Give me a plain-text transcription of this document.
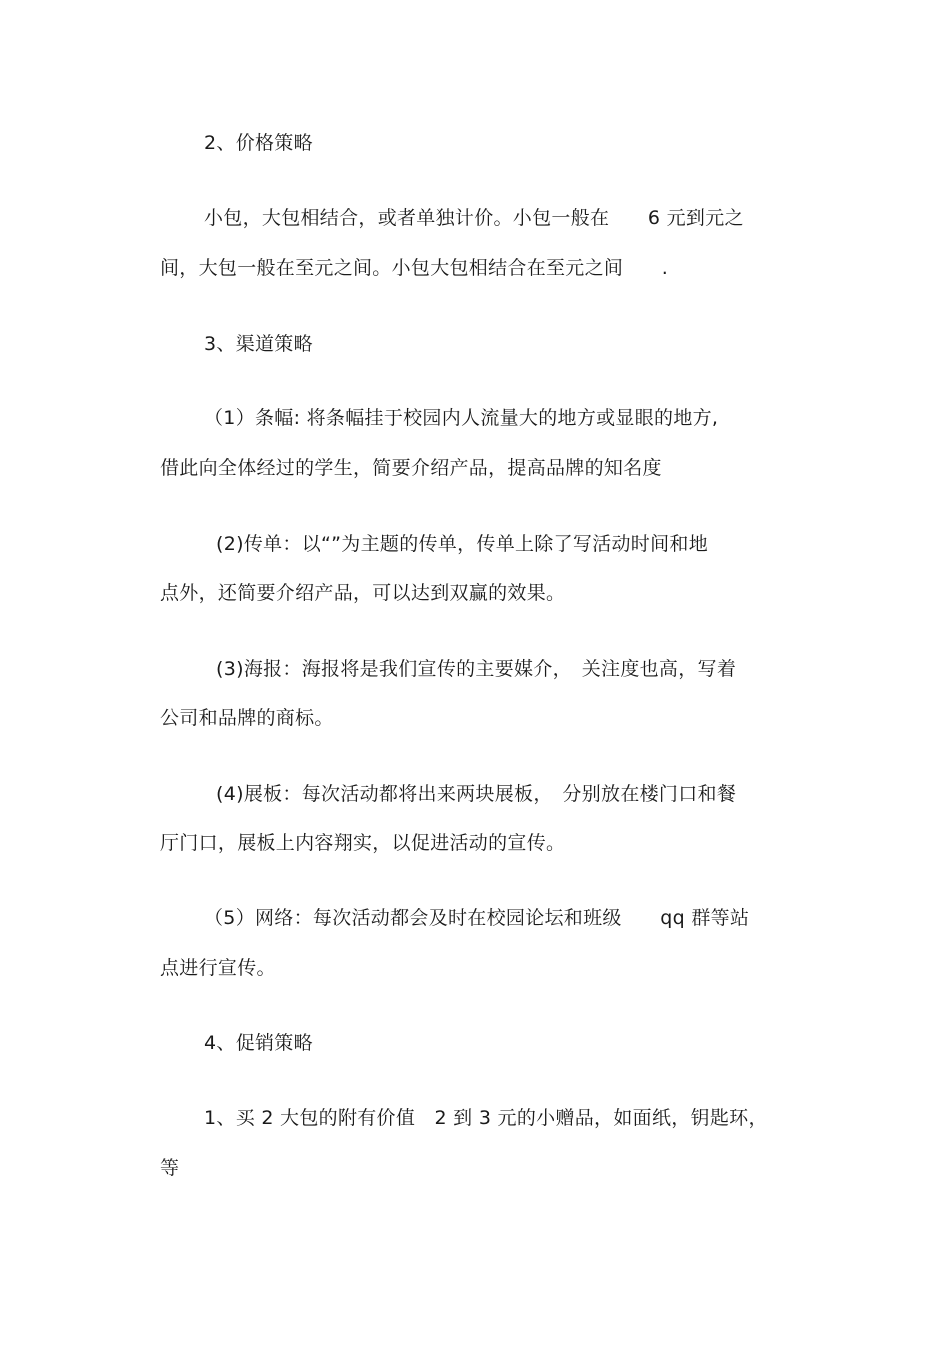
2、价格策略
小包，大包相结合，或者单独计价。小包一般在　　6 元到元之
间，大包一般在至元之间。小包大包相结合在至元之间　　.
3、渠道策略
（1）条幅: 将条幅挂于校园内人流量大的地方或显眼的地方,
借此向全体经过的学生，简要介绍产品，提高品牌的知名度
(2)传单：以“”为主题的传单，传单上除了写活动时间和地
点外，还简要介绍产品，可以达到双赢的效果。
(3)海报：海报将是我们宣传的主要媒介，　关注度也高，写着
公司和品牌的商标。
(4)展板：每次活动都将出来两块展板，　分别放在楼门口和餐
厅门口，展板上内容翔实，以促进活动的宣传。
（5）网络：每次活动都会及时在校园论坛和班级　　qq 群等站
点进行宣传。
4、促销策略
1、买 2 大包的附有价值　2 到 3 元的小赠品，如面纸，钥匙环，
等
